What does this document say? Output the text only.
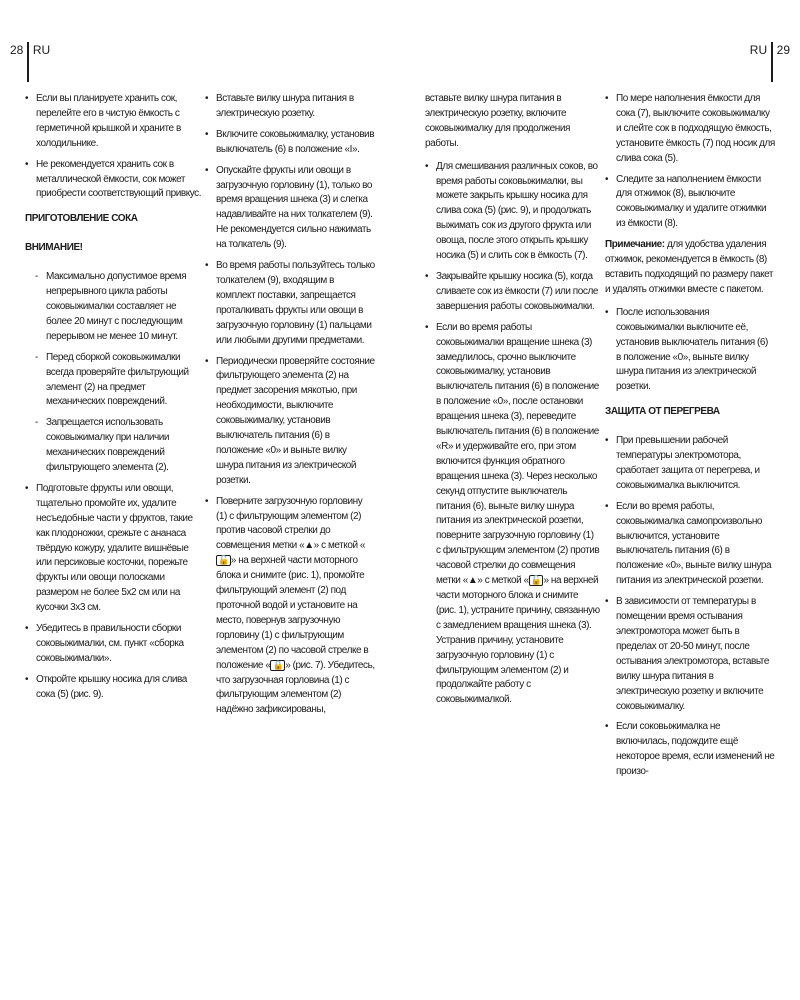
28 RU	RU 29
• Если вы планируете хранить сок, перелейте его в чистую ёмкость с герметичной крышкой и храните в холодильнике.
• Не рекомендуется хранить сок в металлической ёмкости, сок может приобрести соответствующий привкус.
ПРИГОТОВЛЕНИЕ СОКА
ВНИМАНИЕ!
- Максимально допустимое время непрерывного цикла работы соковыжималки составляет не более 20 минут с последующим перерывом не менее 10 минут.
- Перед сборкой соковыжималки всегда проверяйте фильтрующий элемент (2) на предмет механических повреждений.
- Запрещается использовать соковыжималку при наличии механических повреждений фильтрующего элемента (2).
• Подготовьте фрукты или овощи, тщательно промойте их, удалите несъедобные части у фруктов, такие как плодоножки, срежьте с ананаса твёрдую кожуру, удалите вишнёвые или персиковые косточки, порежьте фрукты или овощи полосками размером не более 5х2 см или на кусочки 3х3 см.
• Убедитесь в правильности сборки соковыжималки, см. пункт «сборка соковыжималки».
• Откройте крышку носика для слива сока (5) (рис. 9).
• Вставьте вилку шнура питания в электрическую розетку.
• Включите соковыжималку, установив выключатель (6) в положение «I».
• Опускайте фрукты или овощи в загрузочную горловину (1), только во время вращения шнека (3) и слегка надавливайте на них толкателем (9). Не рекомендуется сильно нажимать на толкатель (9).
• Во время работы пользуйтесь только толкателем (9), входящим в комплект поставки, запрещается проталкивать фрукты или овощи в загрузочную горловину (1) пальцами или любыми другими предметами.
• Периодически проверяйте состояние фильтрующего элемента (2) на предмет засорения мякотью, при необходимости, выключите соковыжималку, установив выключатель питания (6) в положение «0» и выньте вилку шнура питания из электрической розетки.
• Поверните загрузочную горловину (1) с фильтрующим элементом (2) против часовой стрелки до совмещения метки «▲» с меткой «🔓 » на верхней части моторного блока и снимите (рис. 1), промойте фильтрующий элемент (2) под проточной водой и установите на место, повернув загрузочную горловину (1) с фильтрующим элементом (2) по часовой стрелке в положение « 🔒 » (рис. 7). Убедитесь, что загрузочная горловина (1) с фильтрующим элементом (2) надёжно зафиксированы,

вставьте вилку шнура питания в электрическую розетку, включите соковыжималку для продолжения работы.

• Для смешивания различных соков, во время работы соковыжималки, вы можете закрыть крышку носика для слива сока (5) (рис. 9), и продолжать выжимать сок из другого фрукта или овоща, после этого открыть крышку носика (5) и слить сок в ёмкость (7).
• Закрывайте крышку носика (5), когда сливаете сок из ёмкости (7) или после завершения работы соковыжималки.
• Если во время работы соковыжималки вращение шнека (3) замедлилось, срочно выключите соковыжималку, установив выключатель питания (6) в положение в положение «0», после остановки вращения шнека (3), переведите выключатель питания (6) в положение «R» и удерживайте его, при этом включится функция обратного вращения шнека (3). Через несколько секунд отпустите выключатель питания (6), выньте вилку шнура питания из электрической розетки, поверните загрузочную горловину (1) с фильтрующим элементом (2) против часовой стрелки до совмещения метки «▲» с меткой « 🔓 » на верхней части моторного блока и снимите (рис. 1), устраните причину, связанную с замедлением вращения шнека (3). Устранив причину, установите загрузочную горловину (1) с фильтрующим элементом (2) и продолжайте работу с соковыжималкой.
• По мере наполнения ёмкости для сока (7), выключите соковыжималку и слейте сок в подходящую ёмкость, установите ёмкость (7) под носик для слива сока (5).
• Следите за наполнением ёмкости для отжимок (8), выключите соковыжималку и удалите отжимки из ёмкости (8).

Примечание: для удобства удаления отжимок, рекомендуется в ёмкость (8) вставить подходящий по размеру пакет и удалять отжимки вместе с пакетом.

• После использования соковыжималки выключите её, установив выключатель питания (6) в положение «0», выньте вилку шнура питания из электрической розетки.
ЗАЩИТА ОТ ПЕРЕГРЕВА
• При превышении рабочей температуры электромотора, сработает защита от перегрева, и соковыжималка выключится.
• Если во время работы, соковыжималка самопроизвольно выключится, установите выключатель питания (6) в положение «0», выньте вилку шнура питания из электрической розетки.
• В зависимости от температуры в помещении время остывания электромотора может быть в пределах от 20-50 минут, после остывания электромотора, вставьте вилку шнура питания в электрическую розетку и включите соковыжималку.
• Если соковыжималка не включилась, подождите ещё некоторое время, если изменений не произо-
